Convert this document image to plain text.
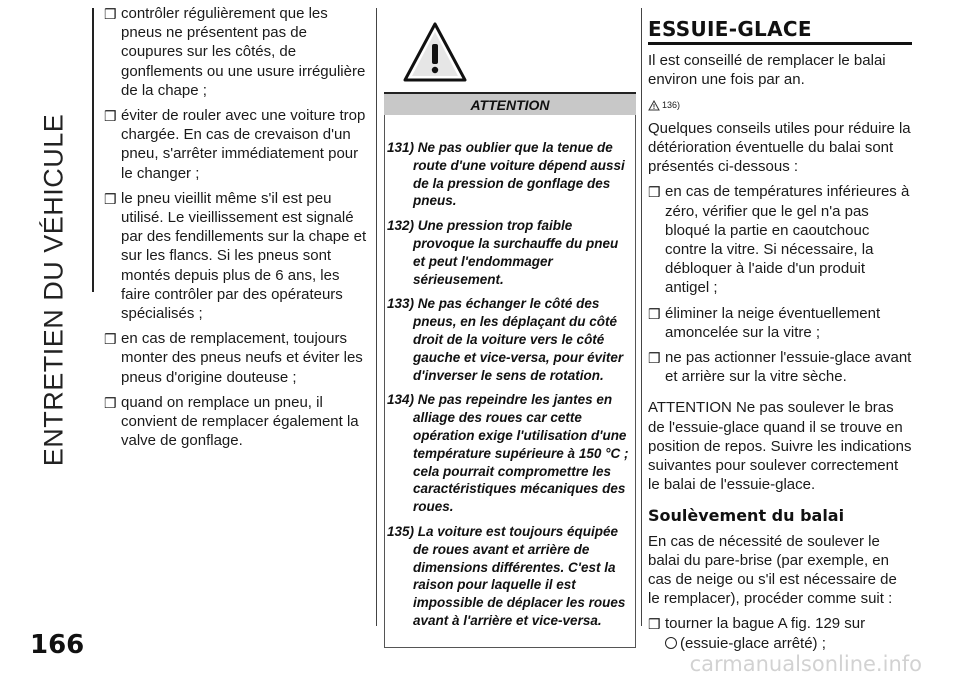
ENTRETIEN DU VÉHICULE
166
❒ contrôler régulièrement que les pneus ne présentent pas de coupures sur les côtés, de gonflements ou une usure irrégulière de la chape ;
❒ éviter de rouler avec une voiture trop chargée. En cas de crevaison d'un pneu, s'arrêter immédiatement pour le changer ;
❒ le pneu vieillit même s'il est peu utilisé. Le vieillissement est signalé par des fendillements sur la chape et sur les flancs. Si les pneus sont montés depuis plus de 6 ans, les faire contrôler par des opérateurs spécialisés ;
❒ en cas de remplacement, toujours monter des pneus neufs et éviter les pneus d'origine douteuse ;
❒ quand on remplace un pneu, il convient de remplacer également la valve de gonflage.
ATTENTION
131) Ne pas oublier que la tenue de route d'une voiture dépend aussi de la pression de gonflage des pneus.
132) Une pression trop faible provoque la surchauffe du pneu et peut l'endommager sérieusement.
133) Ne pas échanger le côté des pneus, en les déplaçant du côté droit de la voiture vers le côté gauche et vice-versa, pour éviter d'inverser le sens de rotation.
134) Ne pas repeindre les jantes en alliage des roues car cette opération exige l'utilisation d'une température supérieure à 150 °C ; cela pourrait compromettre les caractéristiques mécaniques des roues.
135) La voiture est toujours équipée de roues avant et arrière de dimensions différentes. C'est la raison pour laquelle il est impossible de déplacer les roues avant à l'arrière et vice-versa.
ESSUIE-GLACE

Il est conseillé de remplacer le balai environ une fois par an.

136)

Quelques conseils utiles pour réduire la détérioration éventuelle du balai sont présentés ci-dessous :

❒ en cas de températures inférieures à zéro, vérifier que le gel n'a pas bloqué la partie en caoutchouc contre la vitre. Si nécessaire, la débloquer à l'aide d'un produit antigel ;
❒ éliminer la neige éventuellement amoncelée sur la vitre ;
❒ ne pas actionner l'essuie-glace avant et arrière sur la vitre sèche.

ATTENTION Ne pas soulever le bras de l'essuie-glace quand il se trouve en position de repos. Suivre les indications suivantes pour soulever correctement le balai de l'essuie-glace.

Soulèvement du balai

En cas de nécessité de soulever le balai du pare-brise (par exemple, en cas de neige ou s'il est nécessaire de le remplacer), procéder comme suit :

❒ tourner la bague A fig. 129 sur
(essuie-glace arrêté) ;
carmanualsonline.info
